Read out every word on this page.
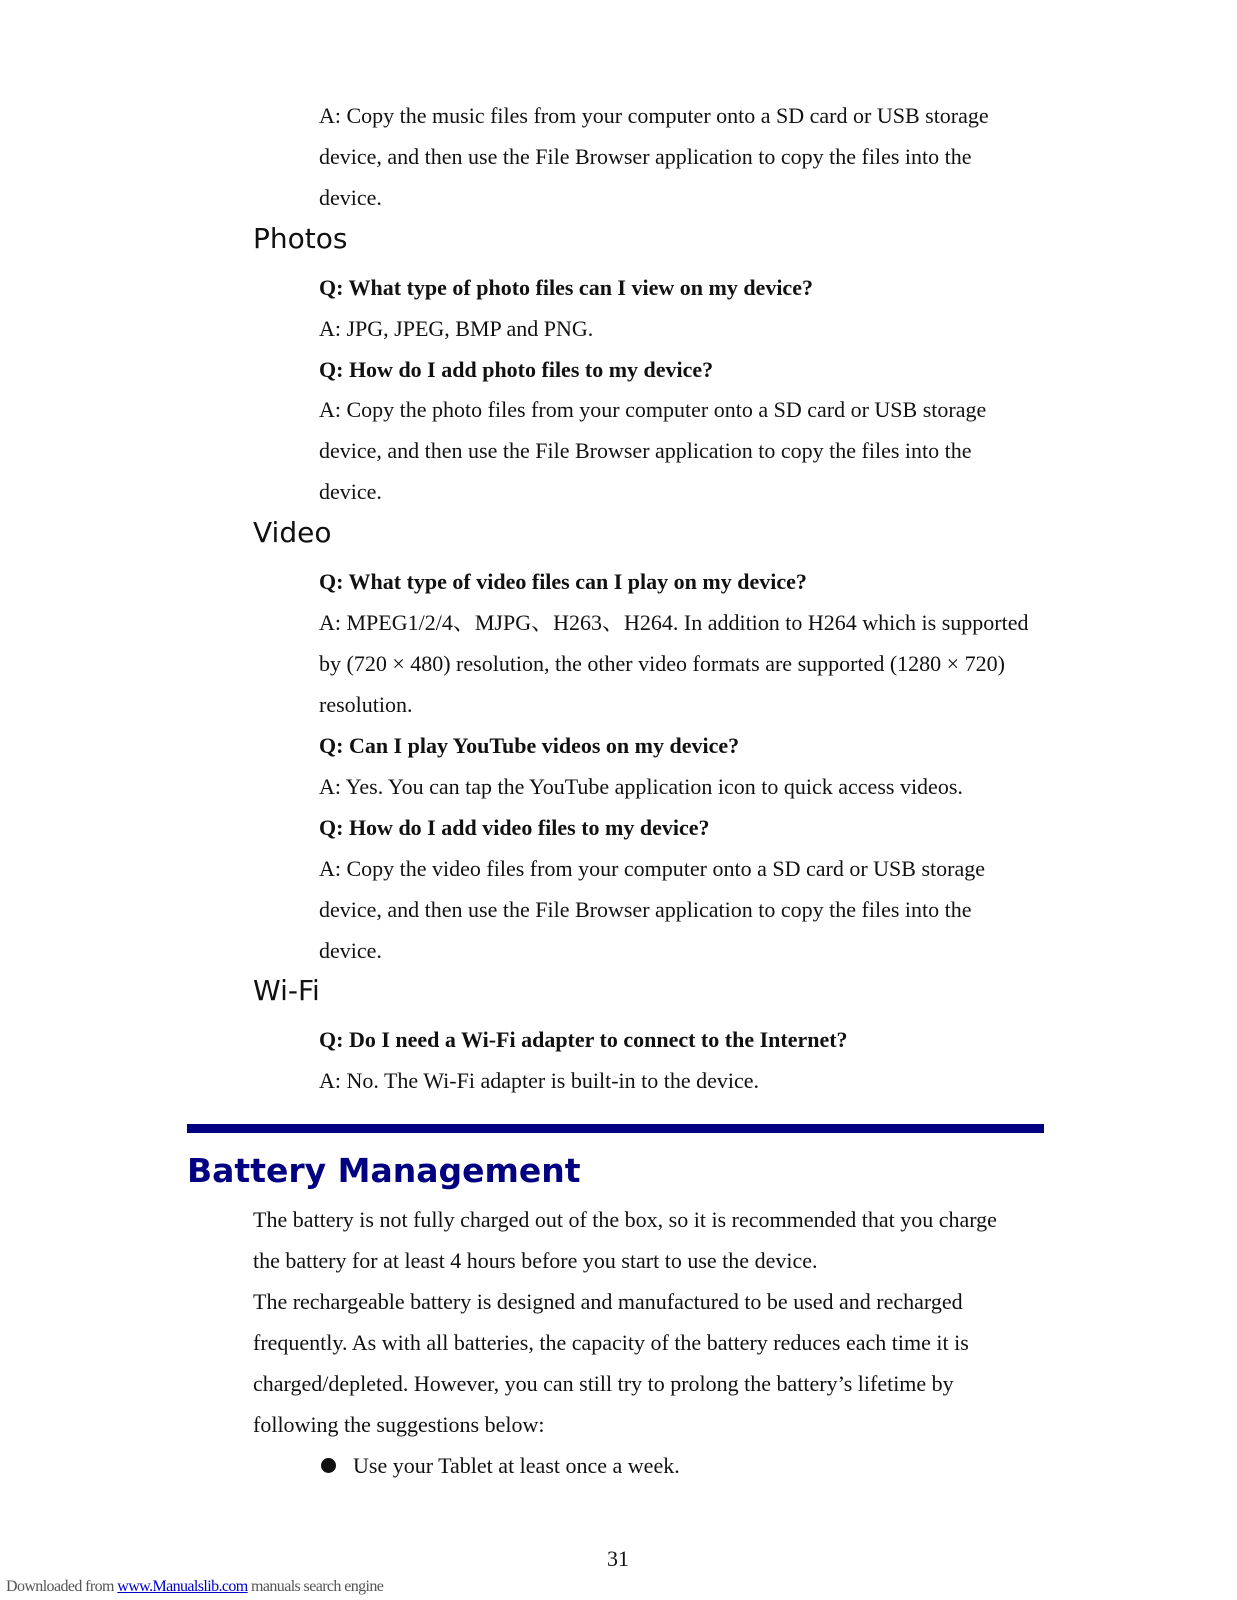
A: Copy the music files from your computer onto a SD card or USB storage
device, and then use the File Browser application to copy the files into the
device.
Photos
Q: What type of photo files can I view on my device?
A: JPG, JPEG, BMP and PNG.
Q: How do I add photo files to my device?
A: Copy the photo files from your computer onto a SD card or USB storage
device, and then use the File Browser application to copy the files into the
device.
Video
Q: What type of video files can I play on my device?
A: MPEG1/2/4、MJPG、H263、H264. In addition to H264 which is supported
by (720 × 480) resolution, the other video formats are supported (1280 × 720)
resolution.
Q: Can I play YouTube videos on my device?
A: Yes. You can tap the YouTube application icon to quick access videos.
Q: How do I add video files to my device?
A: Copy the video files from your computer onto a SD card or USB storage
device, and then use the File Browser application to copy the files into the
device.
Wi-Fi
Q: Do I need a Wi-Fi adapter to connect to the Internet?
A: No. The Wi-Fi adapter is built-in to the device.
Battery Management
The battery is not fully charged out of the box, so it is recommended that you charge
the battery for at least 4 hours before you start to use the device.
The rechargeable battery is designed and manufactured to be used and recharged
frequently. As with all batteries, the capacity of the battery reduces each time it is
charged/depleted. However, you can still try to prolong the battery’s lifetime by
following the suggestions below:
Use your Tablet at least once a week.
31
Downloaded from www.Manualslib.com manuals search engine
